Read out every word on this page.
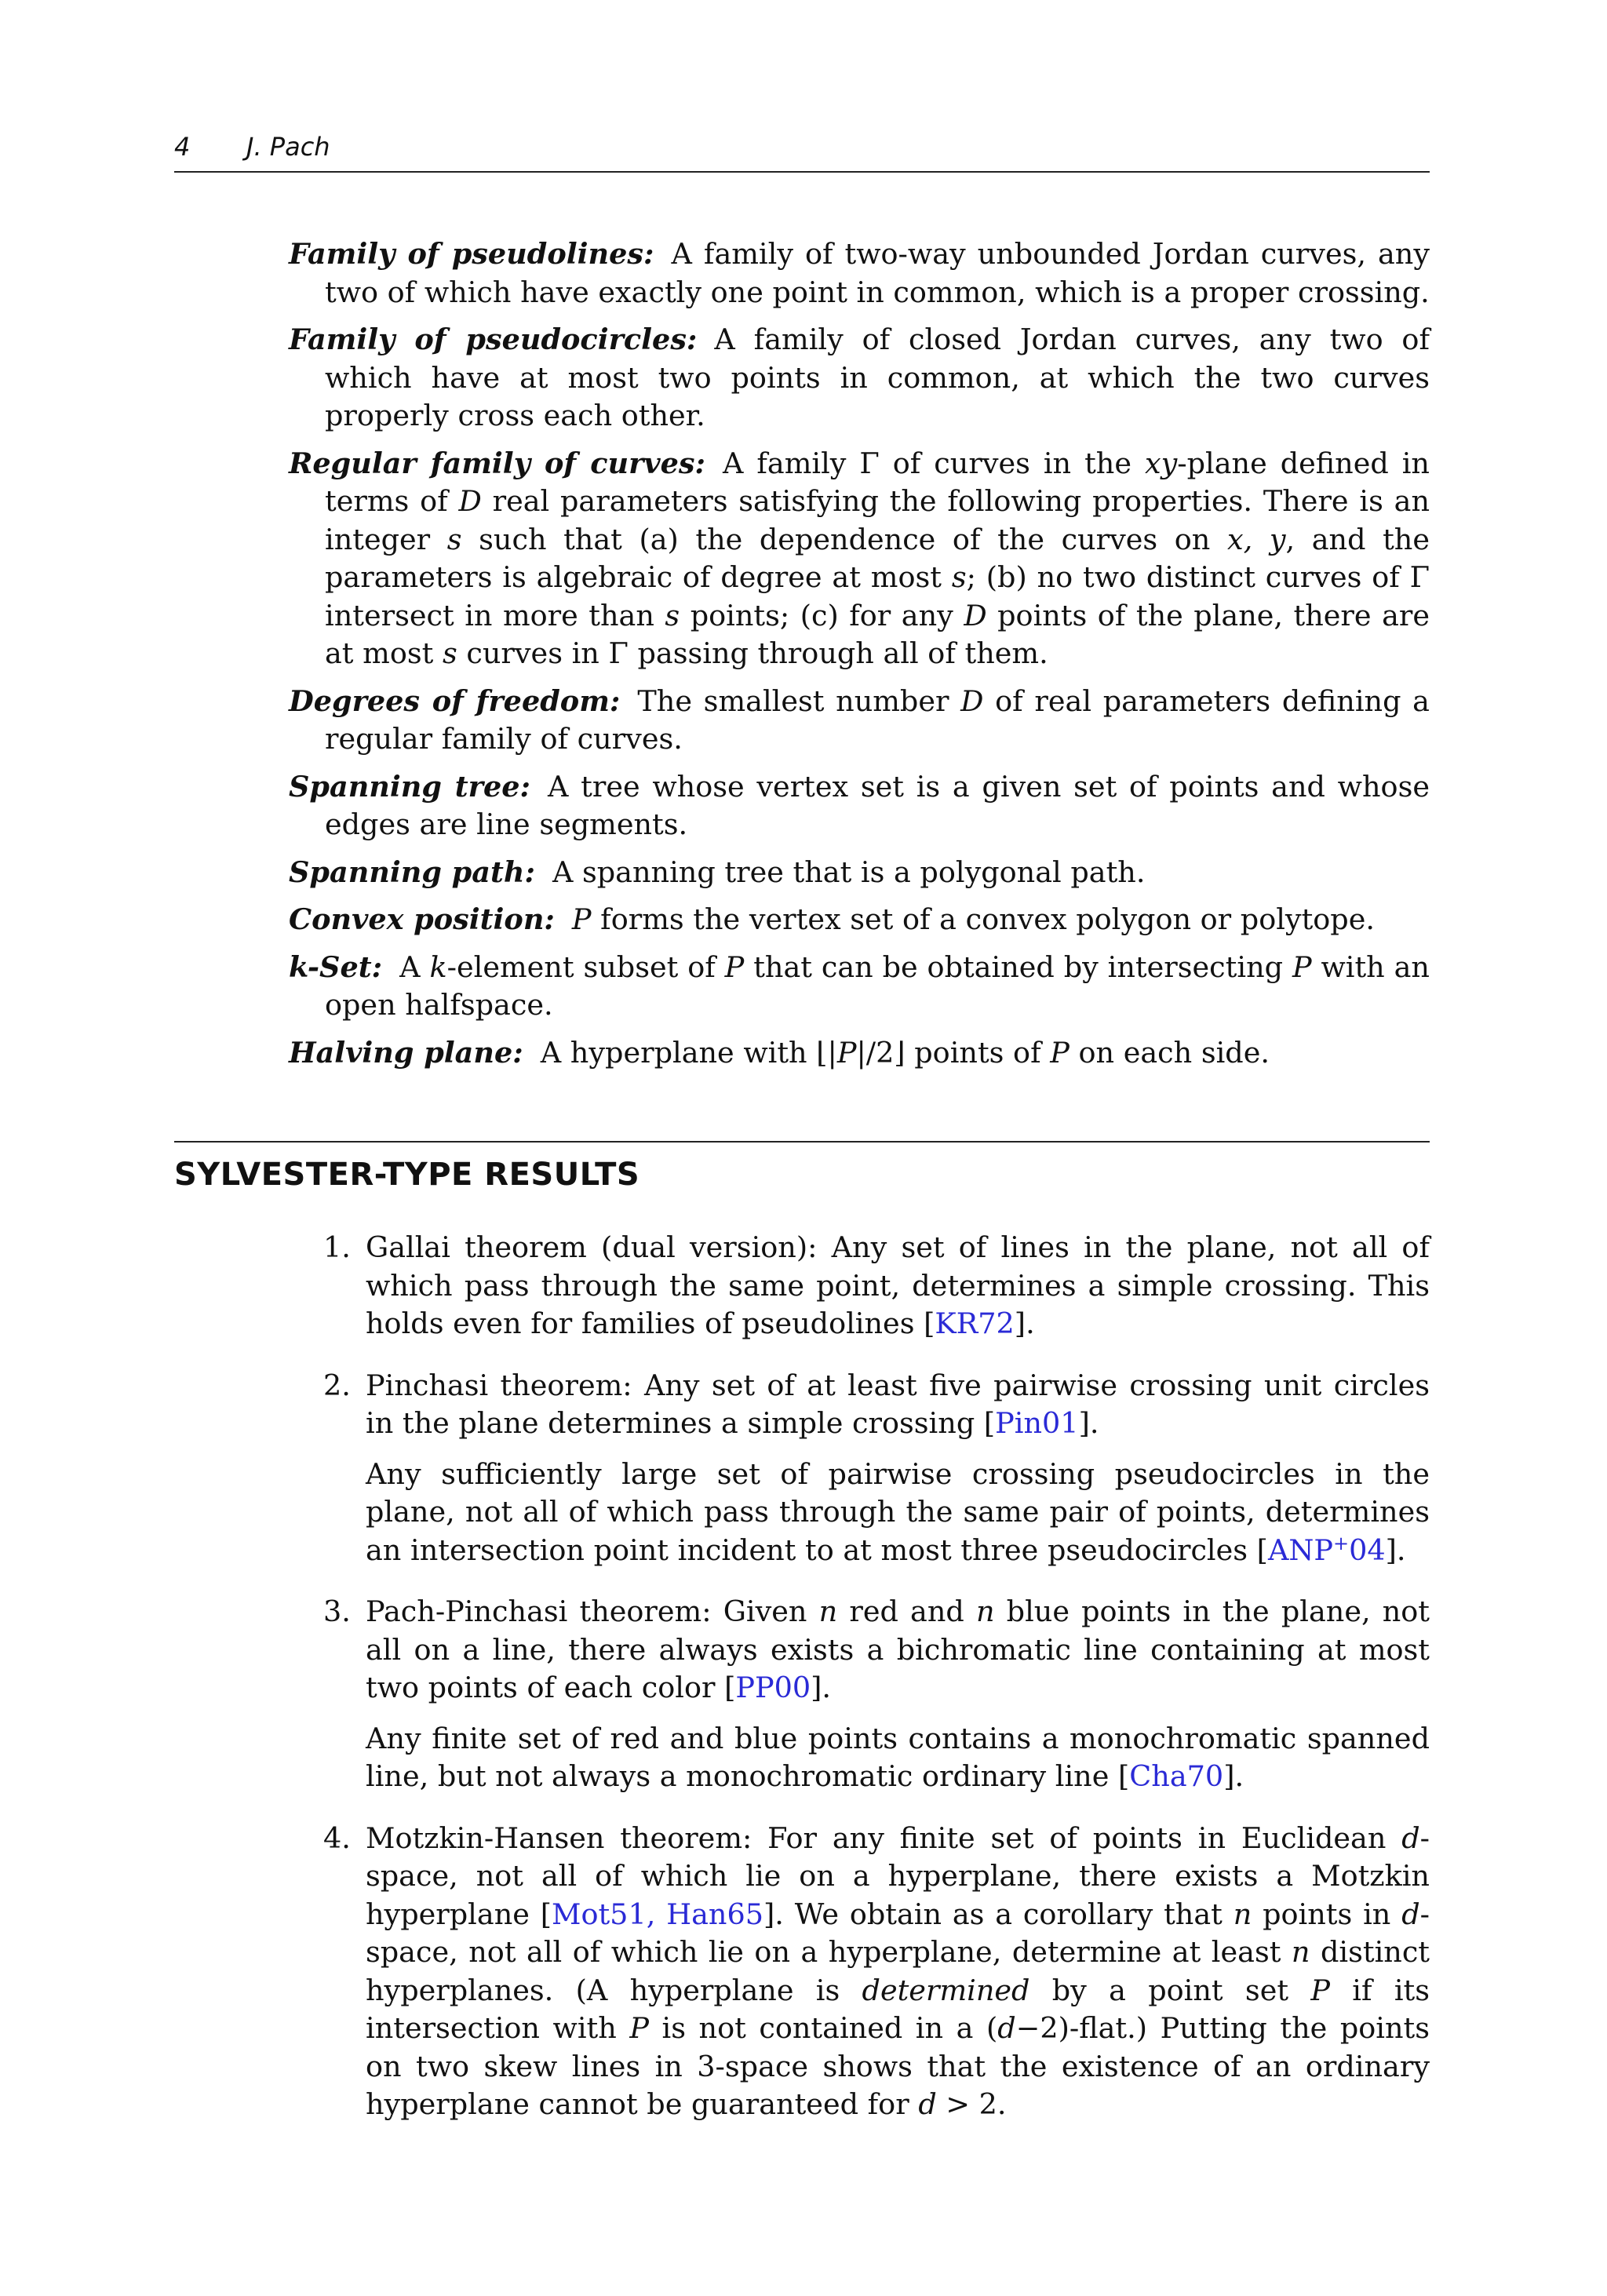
4 J. Pach

Family of pseudolines: A family of two-way unbounded Jordan curves, any two of which have exactly one point in common, which is a proper crossing.

Family of pseudocircles: A family of closed Jordan curves, any two of which have at most two points in common, at which the two curves properly cross each other.

Regular family of curves: A family Γ of curves in the xy-plane defined in terms of D real parameters satisfying the following properties. There is an integer s such that (a) the dependence of the curves on x, y, and the parameters is algebraic of degree at most s; (b) no two distinct curves of Γ intersect in more than s points; (c) for any D points of the plane, there are at most s curves in Γ passing through all of them.

Degrees of freedom: The smallest number D of real parameters defining a regular family of curves.

Spanning tree: A tree whose vertex set is a given set of points and whose edges are line segments.

Spanning path: A spanning tree that is a polygonal path.

Convex position: P forms the vertex set of a convex polygon or polytope.

k-Set: A k-element subset of P that can be obtained by intersecting P with an open halfspace.

Halving plane: A hyperplane with ⌊|P|/2⌋ points of P on each side.

SYLVESTER-TYPE RESULTS
1. Gallai theorem (dual version): Any set of lines in the plane, not all of which pass through the same point, determines a simple crossing. This holds even for families of pseudolines [KR72].

2. Pinchasi theorem: Any set of at least five pairwise crossing unit circles in the plane determines a simple crossing [Pin01].

Any sufficiently large set of pairwise crossing pseudocircles in the plane, not all of which pass through the same pair of points, determines an intersection point incident to at most three pseudocircles [ANP+04].

3. Pach-Pinchasi theorem: Given n red and n blue points in the plane, not all on a line, there always exists a bichromatic line containing at most two points of each color [PP00].

Any finite set of red and blue points contains a monochromatic spanned line, but not always a monochromatic ordinary line [Cha70].

4. Motzkin-Hansen theorem: For any finite set of points in Euclidean d-space, not all of which lie on a hyperplane, there exists a Motzkin hyperplane [Mot51, Han65]. We obtain as a corollary that n points in d-space, not all of which lie on a hyperplane, determine at least n distinct hyperplanes. (A hyperplane is determined by a point set P if its intersection with P is not contained in a (d−2)-flat.) Putting the points on two skew lines in 3-space shows that the existence of an ordinary hyperplane cannot be guaranteed for d > 2.
